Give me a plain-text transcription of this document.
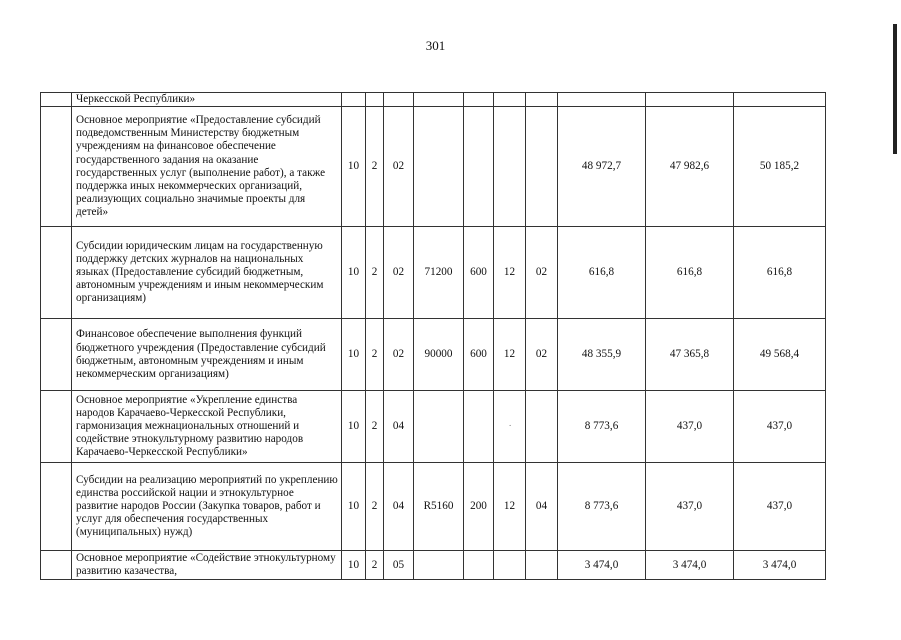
301
.
	Черкесской Республики»										
	Основное мероприятие «Предоставление субсидий подведомственным Министерству бюджетным учреждениям на финансовое обеспечение государственного задания на оказание государственных услуг (выполнение работ), а также поддержка иных некоммерческих организаций, реализующих социально значимые проекты для детей»	10	2	02					48 972,7	47 982,6	50 185,2
	Субсидии юридическим лицам на государственную поддержку детских журналов на национальных языках (Предоставление субсидий бюджетным, автономным учреждениям и иным некоммерческим организациям)	10	2	02	71200	600	12	02	616,8	616,8	616,8
	Финансовое обеспечение выполнения функций бюджетного учреждения (Предоставление субсидий бюджетным, автономным учреждениям и иным некоммерческим организациям)	10	2	02	90000	600	12	02	48 355,9	47 365,8	49 568,4
	Основное мероприятие «Укрепление единства народов Карачаево-Черкесской Республики, гармонизация межнациональных отношений и содействие этнокультурному развитию народов Карачаево-Черкесской Республики»	10	2	04					8 773,6	437,0	437,0
	Субсидии на реализацию мероприятий по укреплению единства российской нации и этнокультурное развитие народов России (Закупка товаров, работ и услуг для обеспечения государственных (муниципальных) нужд)	10	2	04	R5160	200	12	04	8 773,6	437,0	437,0
	Основное мероприятие «Содействие этнокультурному развитию казачества,	10	2	05					3 474,0	3 474,0	3 474,0
